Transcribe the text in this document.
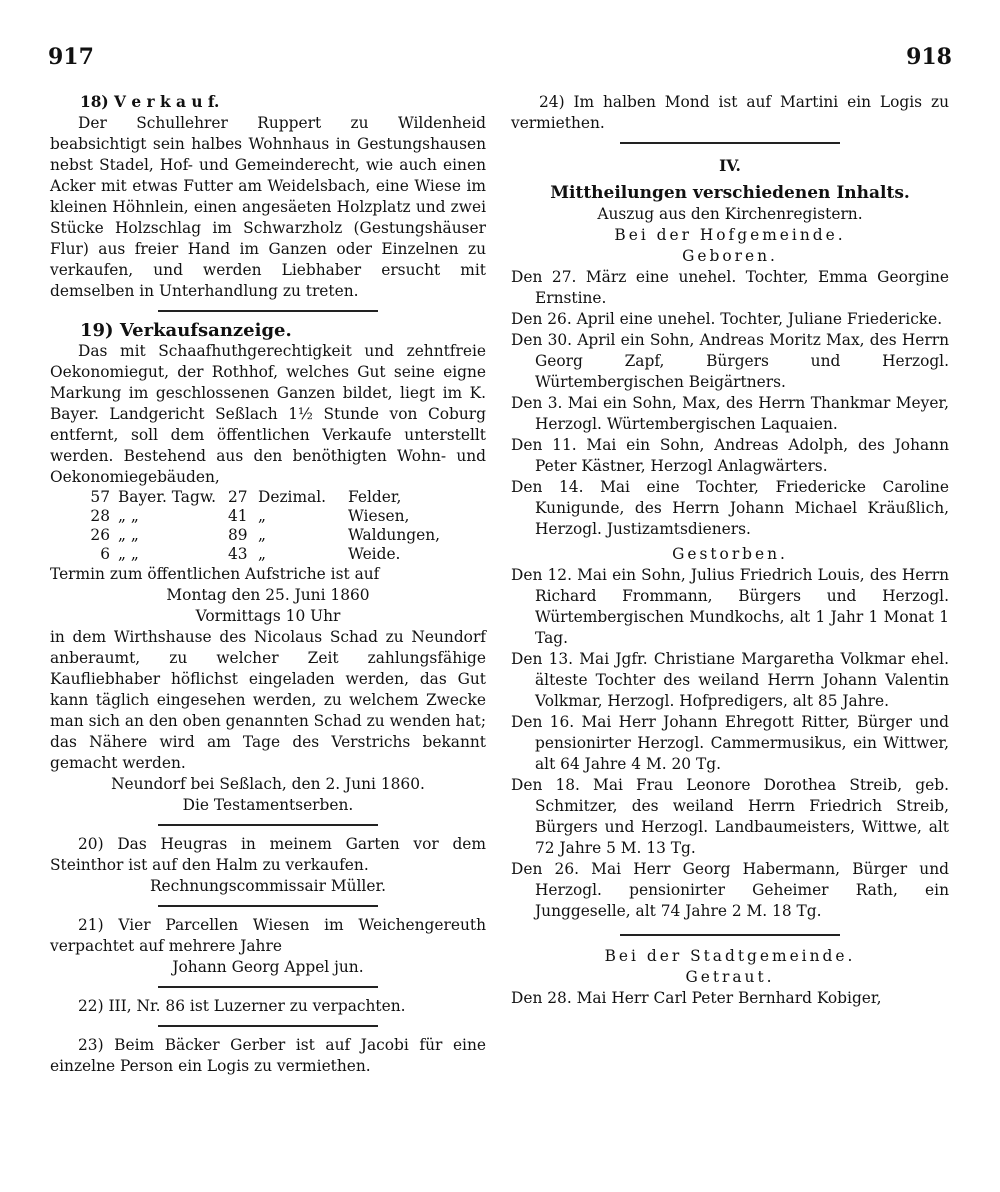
917	918

18) V e r k a u f.

Der Schullehrer Ruppert zu Wildenheid beabsichtigt sein halbes Wohnhaus in Gestungshausen nebst Stadel, Hof- und Gemeinderecht, wie auch einen Acker mit etwas Futter am Weidelsbach, eine Wiese im kleinen Höhnlein, einen angesäeten Holzplatz und zwei Stücke Holzschlag im Schwarzholz (Gestungshäuser Flur) aus freier Hand im Ganzen oder Einzelnen zu verkaufen, und werden Liebhaber ersucht mit demselben in Unterhandlung zu treten.

19) Verkaufsanzeige.

Das mit Schaafhuthgerechtigkeit und zehntfreie Oekonomiegut, der Rothhof, welches Gut seine eigne Markung im geschlossenen Ganzen bildet, liegt im K. Bayer. Landgericht Seßlach 1½ Stunde von Coburg entfernt, soll dem öffentlichen Verkaufe unterstellt werden. Bestehend aus den benöthigten Wohn- und Oekonomiegebäuden,

57	Bayer. Tagw.	27	Dezimal.	Felder,
28	„ „	41	„	Wiesen,
26	„ „	89	„	Waldungen,
6	„ „	43	„	Weide.

Termin zum öffentlichen Aufstriche ist auf

Montag den 25. Juni 1860

Vormittags 10 Uhr

in dem Wirthshause des Nicolaus Schad zu Neundorf anberaumt, zu welcher Zeit zahlungsfähige Kaufliebhaber höflichst eingeladen werden, das Gut kann täglich eingesehen werden, zu welchem Zwecke man sich an den oben genannten Schad zu wenden hat; das Nähere wird am Tage des Verstrichs bekannt gemacht werden.

Neundorf bei Seßlach, den 2. Juni 1860.

Die Testamentserben.

20) Das Heugras in meinem Garten vor dem Steinthor ist auf den Halm zu verkaufen.

Rechnungscommissair Müller.

21) Vier Parcellen Wiesen im Weichengereuth verpachtet auf mehrere Jahre

Johann Georg Appel jun.

22) III, Nr. 86 ist Luzerner zu verpachten.

23) Beim Bäcker Gerber ist auf Jacobi für eine einzelne Person ein Logis zu vermiethen.

24) Im halben Mond ist auf Martini ein Logis zu vermiethen.

IV.

Mittheilungen verschiedenen Inhalts.

Auszug aus den Kirchenregistern.

Bei der Hofgemeinde.

Geboren.

Den 27. März eine unehel. Tochter, Emma Georgine Ernstine.

Den 26. April eine unehel. Tochter, Juliane Friedericke.

Den 30. April ein Sohn, Andreas Moritz Max, des Herrn Georg Zapf, Bürgers und Herzogl. Würtembergischen Beigärtners.

Den 3. Mai ein Sohn, Max, des Herrn Thankmar Meyer, Herzogl. Würtembergischen Laquaien.

Den 11. Mai ein Sohn, Andreas Adolph, des Johann Peter Kästner, Herzogl Anlagwärters.

Den 14. Mai eine Tochter, Friedericke Caroline Kunigunde, des Herrn Johann Michael Kräußlich, Herzogl. Justizamtsdieners.

Gestorben.

Den 12. Mai ein Sohn, Julius Friedrich Louis, des Herrn Richard Frommann, Bürgers und Herzogl. Würtembergischen Mundkochs, alt 1 Jahr 1 Monat 1 Tag.

Den 13. Mai Jgfr. Christiane Margaretha Volkmar ehel. älteste Tochter des weiland Herrn Johann Valentin Volkmar, Herzogl. Hofpredigers, alt 85 Jahre.

Den 16. Mai Herr Johann Ehregott Ritter, Bürger und pensionirter Herzogl. Cammermusikus, ein Wittwer, alt 64 Jahre 4 M. 20 Tg.

Den 18. Mai Frau Leonore Dorothea Streib, geb. Schmitzer, des weiland Herrn Friedrich Streib, Bürgers und Herzogl. Landbaumeisters, Wittwe, alt 72 Jahre 5 M. 13 Tg.

Den 26. Mai Herr Georg Habermann, Bürger und Herzogl. pensionirter Geheimer Rath, ein Junggeselle, alt 74 Jahre 2 M. 18 Tg.

Bei der Stadtgemeinde.

Getraut.

Den 28. Mai Herr Carl Peter Bernhard Kobiger,
